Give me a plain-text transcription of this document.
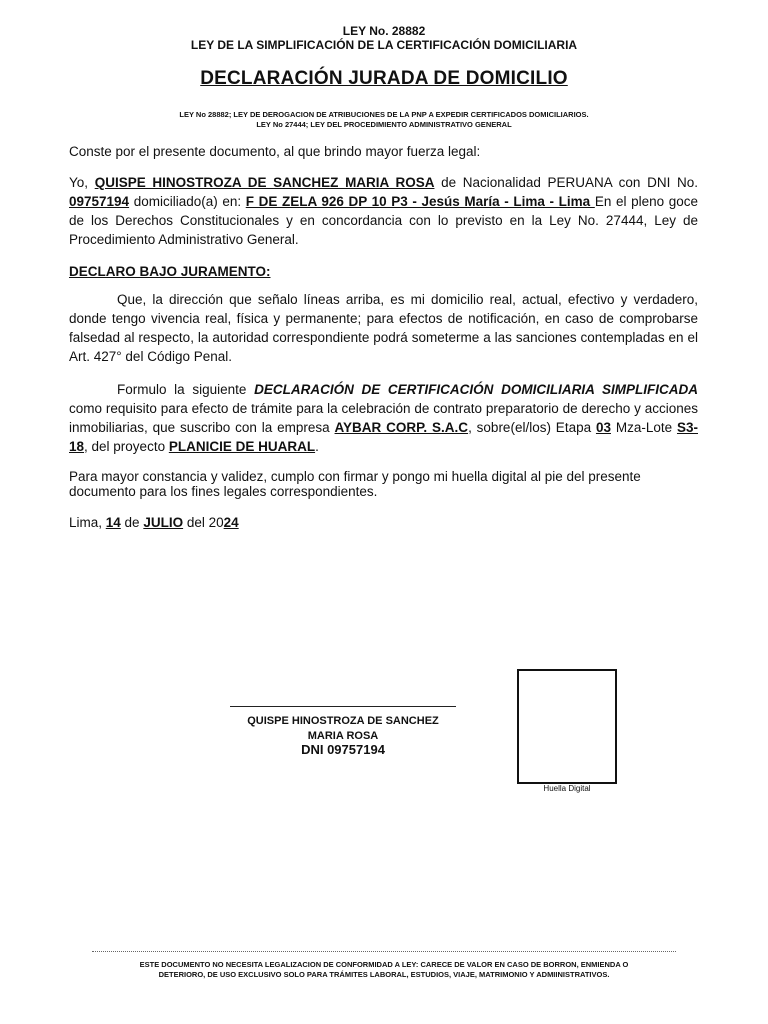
LEY No. 28882
LEY DE LA SIMPLIFICACIÓN DE LA CERTIFICACIÓN DOMICILIARIA
DECLARACIÓN JURADA DE DOMICILIO
LEY No 28882; LEY DE DEROGACION DE ATRIBUCIONES DE LA PNP A EXPEDIR CERTIFICADOS DOMICILIARIOS.
LEY No 27444; LEY DEL PROCEDIMIENTO ADMINISTRATIVO GENERAL
Conste por el presente documento, al que brindo mayor fuerza legal:
Yo, QUISPE HINOSTROZA DE SANCHEZ MARIA ROSA de Nacionalidad PERUANA con DNI No. 09757194 domiciliado(a) en: F DE ZELA 926 DP 10 P3 - Jesús María - Lima - Lima En el pleno goce de los Derechos Constitucionales y en concordancia con lo previsto en la Ley No. 27444, Ley de Procedimiento Administrativo General.
DECLARO BAJO JURAMENTO:
Que, la dirección que señalo líneas arriba, es mi domicilio real, actual, efectivo y verdadero, donde tengo vivencia real, física y permanente; para efectos de notificación, en caso de comprobarse falsedad al respecto, la autoridad correspondiente podrá someterme a las sanciones contempladas en el Art. 427° del Código Penal.
Formulo la siguiente DECLARACIÓN DE CERTIFICACIÓN DOMICILIARIA SIMPLIFICADA como requisito para efecto de trámite para la celebración de contrato preparatorio de derecho y acciones inmobiliarias, que suscribo con la empresa AYBAR CORP. S.A.C, sobre(el/los) Etapa 03 Mza-Lote S3-18, del proyecto PLANICIE DE HUARAL.
Para mayor constancia y validez, cumplo con firmar y pongo mi huella digital al pie del presente documento para los fines legales correspondientes.
Lima, 14 de JULIO del 2024
QUISPE HINOSTROZA DE SANCHEZ
MARIA ROSA
DNI 09757194
Huella Digital
ESTE DOCUMENTO NO NECESITA LEGALIZACION DE CONFORMIDAD A LEY: CARECE DE VALOR EN CASO DE BORRON, ENMIENDA O
DETERIORO, DE USO EXCLUSIVO SOLO PARA TRÁMITES LABORAL, ESTUDIOS, VIAJE, MATRIMONIO Y ADMIINISTRATIVOS.
